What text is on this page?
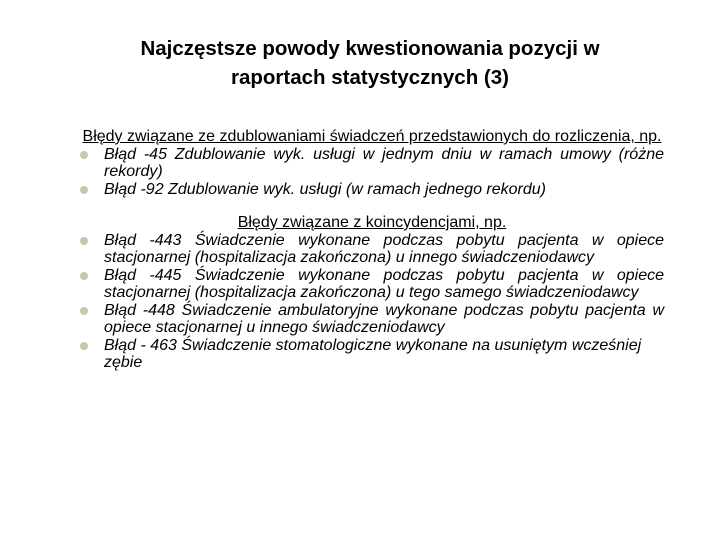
Najczęstsze powody kwestionowania pozycji w
raportach statystycznych (3)
Błędy związane ze zdublowaniami świadczeń przedstawionych do rozliczenia, np.
Błąd -45 Zdublowanie wyk. usługi w jednym dniu w ramach umowy (różne rekordy)
Błąd -92 Zdublowanie wyk. usługi (w ramach jednego rekordu)
Błędy związane z koincydencjami, np.
Błąd -443 Świadczenie wykonane podczas pobytu pacjenta w opiece stacjonarnej (hospitalizacja zakończona) u innego świadczeniodawcy
Błąd -445 Świadczenie wykonane podczas pobytu pacjenta w opiece stacjonarnej (hospitalizacja zakończona) u tego samego świadczeniodawcy
Błąd -448 Świadczenie ambulatoryjne wykonane podczas pobytu pacjenta w opiece stacjonarnej u innego świadczeniodawcy
Błąd - 463 Świadczenie stomatologiczne wykonane na usuniętym wcześniej zębie
